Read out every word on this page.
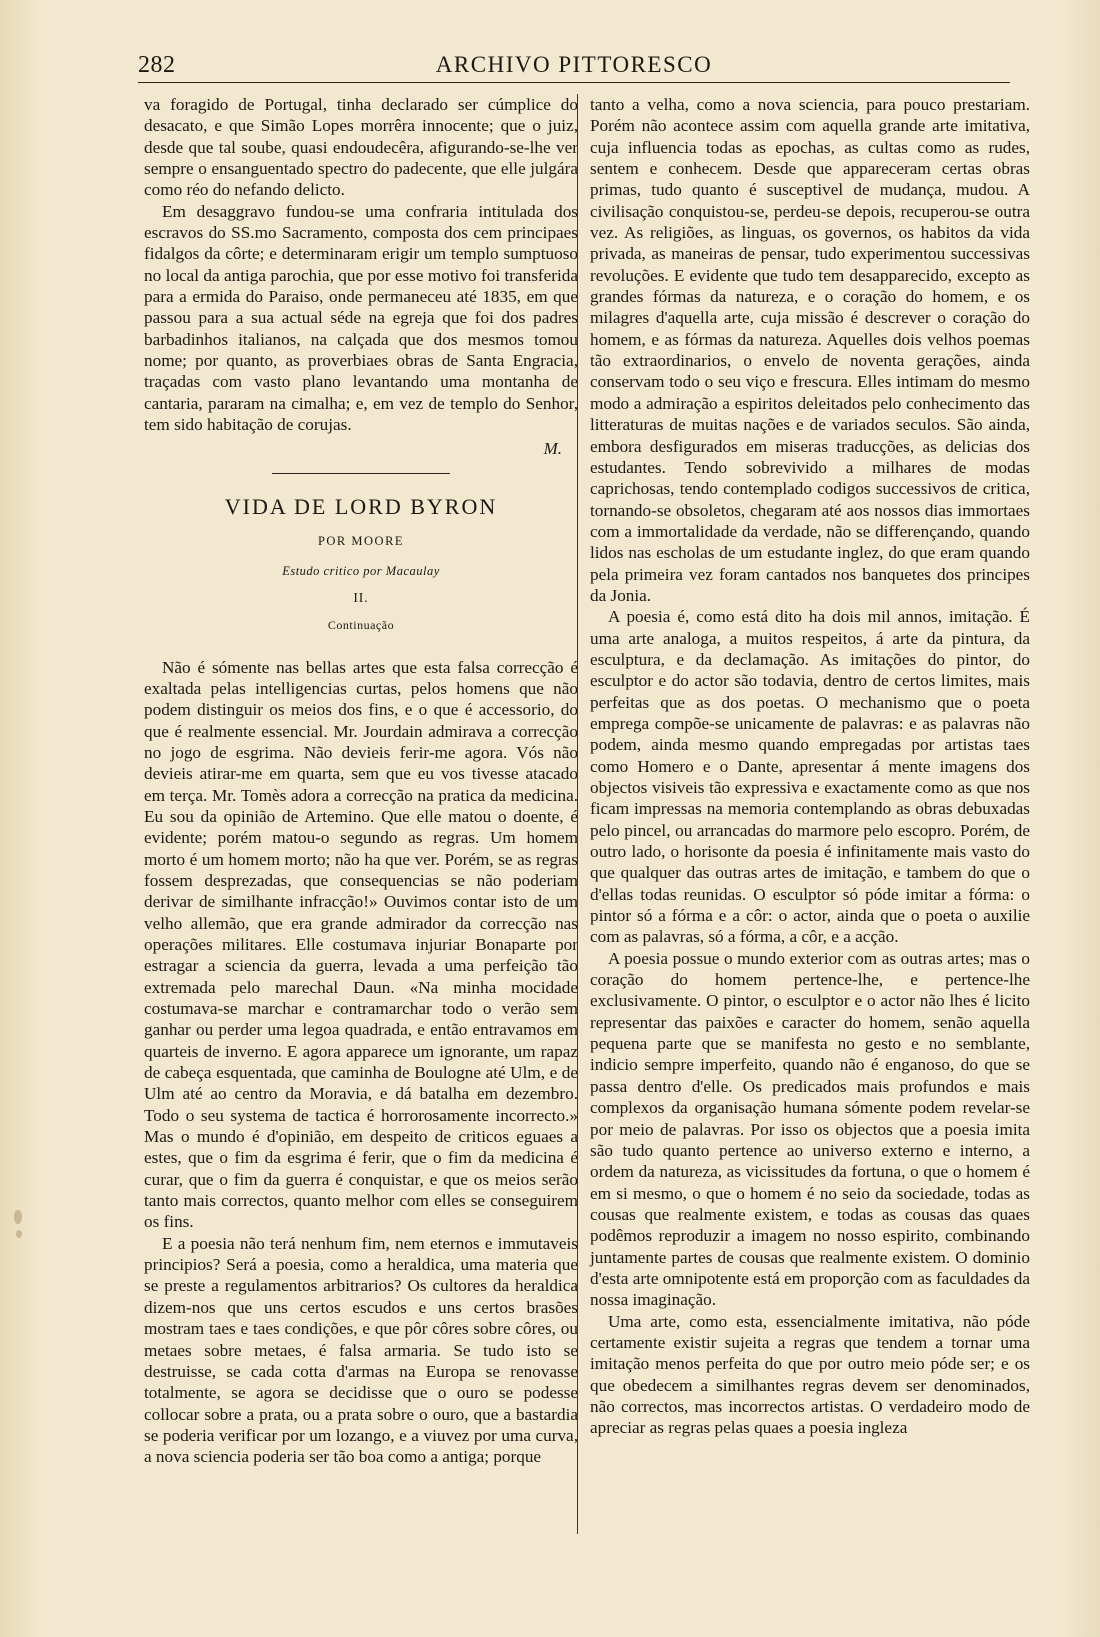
282	ARCHIVO PITTORESCO

va foragido de Portugal, tinha declarado ser cúmplice do desacato, e que Simão Lopes morrêra innocente; que o juiz, desde que tal soube, quasi endoudecêra, afigurando-se-lhe ver sempre o ensanguentado spectro do padecente, que elle julgára como réo do nefando delicto.

Em desaggravo fundou-se uma confraria intitulada dos escravos do SS.mo Sacramento, composta dos cem principaes fidalgos da côrte; e determinaram erigir um templo sumptuoso no local da antiga parochia, que por esse motivo foi transferida para a ermida do Paraiso, onde permaneceu até 1835, em que passou para a sua actual séde na egreja que foi dos padres barbadinhos italianos, na calçada que dos mesmos tomou nome; por quanto, as proverbiaes obras de Santa Engracia, traçadas com vasto plano levantando uma montanha de cantaria, pararam na cimalha; e, em vez de templo do Senhor, tem sido habitação de corujas.

M.
VIDA DE LORD BYRON
POR MOORE
Estudo critico por Macaulay
II.
Continuação

Não é sómente nas bellas artes que esta falsa correcção é exaltada pelas intelligencias curtas, pelos homens que não podem distinguir os meios dos fins, e o que é accessorio, do que é realmente essencial. Mr. Jourdain admirava a correcção no jogo de esgrima. Não devieis ferir-me agora. Vós não devieis atirar-me em quarta, sem que eu vos tivesse atacado em terça. Mr. Tomès adora a correcção na pratica da medicina. Eu sou da opinião de Artemino. Que elle matou o doente, é evidente; porém matou-o segundo as regras. Um homem morto é um homem morto; não ha que ver. Porém, se as regras fossem desprezadas, que consequencias se não poderiam derivar de similhante infracção!» Ouvimos contar isto de um velho allemão, que era grande admirador da correcção nas operações militares. Elle costumava injuriar Bonaparte por estragar a sciencia da guerra, levada a uma perfeição tão extremada pelo marechal Daun. «Na minha mocidade costumava-se marchar e contramarchar todo o verão sem ganhar ou perder uma legoa quadrada, e então entravamos em quarteis de inverno. E agora apparece um ignorante, um rapaz de cabeça esquentada, que caminha de Boulogne até Ulm, e de Ulm até ao centro da Moravia, e dá batalha em dezembro. Todo o seu systema de tactica é horrorosamente incorrecto.» Mas o mundo é d'opinião, em despeito de criticos eguaes a estes, que o fim da esgrima é ferir, que o fim da medicina é curar, que o fim da guerra é conquistar, e que os meios serão tanto mais correctos, quanto melhor com elles se conseguirem os fins.

E a poesia não terá nenhum fim, nem eternos e immutaveis principios? Será a poesia, como a heraldica, uma materia que se preste a regulamentos arbitrarios? Os cultores da heraldica dizem-nos que uns certos escudos e uns certos brasões mostram taes e taes condições, e que pôr côres sobre côres, ou metaes sobre metaes, é falsa armaria. Se tudo isto se destruisse, se cada cotta d'armas na Europa se renovasse totalmente, se agora se decidisse que o ouro se podesse collocar sobre a prata, ou a prata sobre o ouro, que a bastardia se poderia verificar por um lozango, e a viuvez por uma curva, a nova sciencia poderia ser tão boa como a antiga; porque

tanto a velha, como a nova sciencia, para pouco prestariam. Porém não acontece assim com aquella grande arte imitativa, cuja influencia todas as epochas, as cultas como as rudes, sentem e conhecem. Desde que appareceram certas obras primas, tudo quanto é susceptivel de mudança, mudou. A civilisação conquistou-se, perdeu-se depois, recuperou-se outra vez. As religiões, as linguas, os governos, os habitos da vida privada, as maneiras de pensar, tudo experimentou successivas revoluções. E evidente que tudo tem desapparecido, excepto as grandes fórmas da natureza, e o coração do homem, e os milagres d'aquella arte, cuja missão é descrever o coração do homem, e as fórmas da natureza. Aquelles dois velhos poemas tão extraordinarios, o envelo de noventa gerações, ainda conservam todo o seu viço e frescura. Elles intimam do mesmo modo a admiração a espiritos deleitados pelo conhecimento das litteraturas de muitas nações e de variados seculos. São ainda, embora desfigurados em miseras traducções, as delicias dos estudantes. Tendo sobrevivido a milhares de modas caprichosas, tendo contemplado codigos successivos de critica, tornando-se obsoletos, chegaram até aos nossos dias immortaes com a immortalidade da verdade, não se differençando, quando lidos nas escholas de um estudante inglez, do que eram quando pela primeira vez foram cantados nos banquetes dos principes da Jonia.

A poesia é, como está dito ha dois mil annos, imitação. É uma arte analoga, a muitos respeitos, á arte da pintura, da esculptura, e da declamação. As imitações do pintor, do esculptor e do actor são todavia, dentro de certos limites, mais perfeitas que as dos poetas. O mechanismo que o poeta emprega compõe-se unicamente de palavras: e as palavras não podem, ainda mesmo quando empregadas por artistas taes como Homero e o Dante, apresentar á mente imagens dos objectos visiveis tão expressiva e exactamente como as que nos ficam impressas na memoria contemplando as obras debuxadas pelo pincel, ou arrancadas do marmore pelo escopro. Porém, de outro lado, o horisonte da poesia é infinitamente mais vasto do que qualquer das outras artes de imitação, e tambem do que o d'ellas todas reunidas. O esculptor só póde imitar a fórma: o pintor só a fórma e a côr: o actor, ainda que o poeta o auxilie com as palavras, só a fórma, a côr, e a acção.

A poesia possue o mundo exterior com as outras artes; mas o coração do homem pertence-lhe, e pertence-lhe exclusivamente. O pintor, o esculptor e o actor não lhes é licito representar das paixões e caracter do homem, senão aquella pequena parte que se manifesta no gesto e no semblante, indicio sempre imperfeito, quando não é enganoso, do que se passa dentro d'elle. Os predicados mais profundos e mais complexos da organisação humana sómente podem revelar-se por meio de palavras. Por isso os objectos que a poesia imita são tudo quanto pertence ao universo externo e interno, a ordem da natureza, as vicissitudes da fortuna, o que o homem é em si mesmo, o que o homem é no seio da sociedade, todas as cousas que realmente existem, e todas as cousas das quaes podêmos reproduzir a imagem no nosso espirito, combinando juntamente partes de cousas que realmente existem. O dominio d'esta arte omnipotente está em proporção com as faculdades da nossa imaginação.

Uma arte, como esta, essencialmente imitativa, não póde certamente existir sujeita a regras que tendem a tornar uma imitação menos perfeita do que por outro meio póde ser; e os que obedecem a similhantes regras devem ser denominados, não correctos, mas incorrectos artistas. O verdadeiro modo de apreciar as regras pelas quaes a poesia ingleza
